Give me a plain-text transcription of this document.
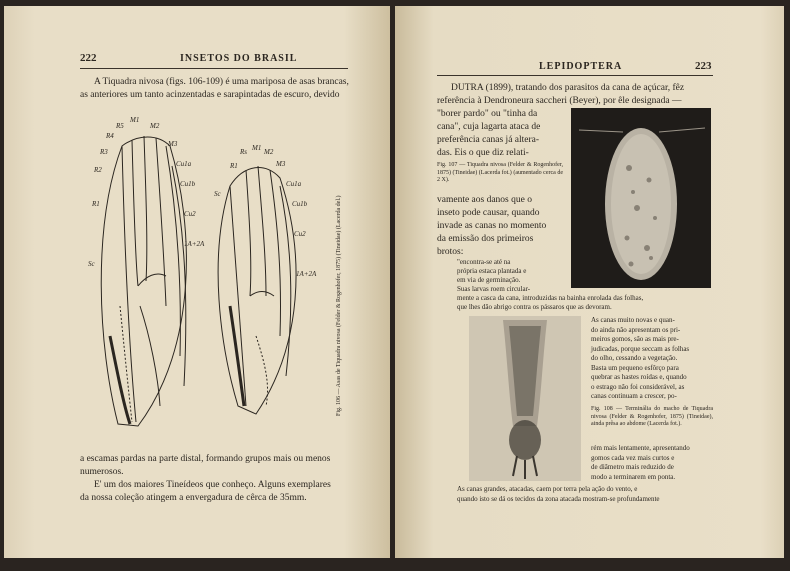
222	INSETOS DO BRASIL
A Tiquadra nivosa (figs. 106-109) é uma mariposa de asas brancas,
as anteriores um tanto acinzentadas e sarapintadas de escuro, devido
Sc
R1
R2
R3
R4
R5
M1
M2
M3
Cu1a
Cu1b
Cu2
1A+2A
Sc
R1
Rs M1 M2
M3
Cu1a
Cu1b
Cu2
1A+2A	Fig. 106 — Asas de Tiquadra nivosa (Felder & Rogenhofer, 1875) (Tineidae) (Lacerda del.)
a escamas pardas na parte distal, formando grupos mais ou menos
numerosos.
E' um dos maiores Tineídeos que conheço. Alguns exemplares
da nossa coleção atingem a envergadura de cêrca de 35mm.
LEPIDOPTERA	223
DUTRA (1899), tratando dos parasitos da cana de açúcar, fêz
referência à Dendroneura saccheri (Beyer), por êle designada —
"borer pardo" ou "tinha da
cana", cuja lagarta ataca de
preferência canas já altera-
das. Eis o que diz relati-
Fig. 107 — Tiquadra nivosa (Felder & Rogenhofer, 1875) (Tineidae) (Lacerda fot.) (aumentado cerca de 2 X).
vamente aos danos que o
inseto pode causar, quando
invade as canas no momento
da emissão dos primeiros
brotos:
"encontra-se até na
própria estaca plantada e
em via de germinação.
Suas larvas roem circular-
mente a casca da cana, introduzidas na bainha enrolada das folhas,
que lhes dão abrigo contra os pássaros que as devoram.
As canas muito novas e quan-
do ainda não apresentam os pri-
meiros gomos, são as mais pre-
judicadas, porque seccam as folhas
do olho, cessando a vegetação.
Basta um pequeno esfôrço para
quebrar as hastes roídas e, quando
o estrago não foi considerável, as
canas continuam a crescer, po-
Fig. 108 — Terminália do macho de Tiquadra nivosa (Felder & Rogenhofer, 1875) (Tineidae), ainda prêsa ao abdome (Lacerda fot.).
rém mais lentamente, apresentando
gomos cada vez mais curtos e
de diâmetro mais reduzido de
modo a terminarem em ponta.
As canas grandes, atacadas, caem por terra pela ação do vento, e
quando isto se dá os tecidos da zona atacada mostram-se profundamente
